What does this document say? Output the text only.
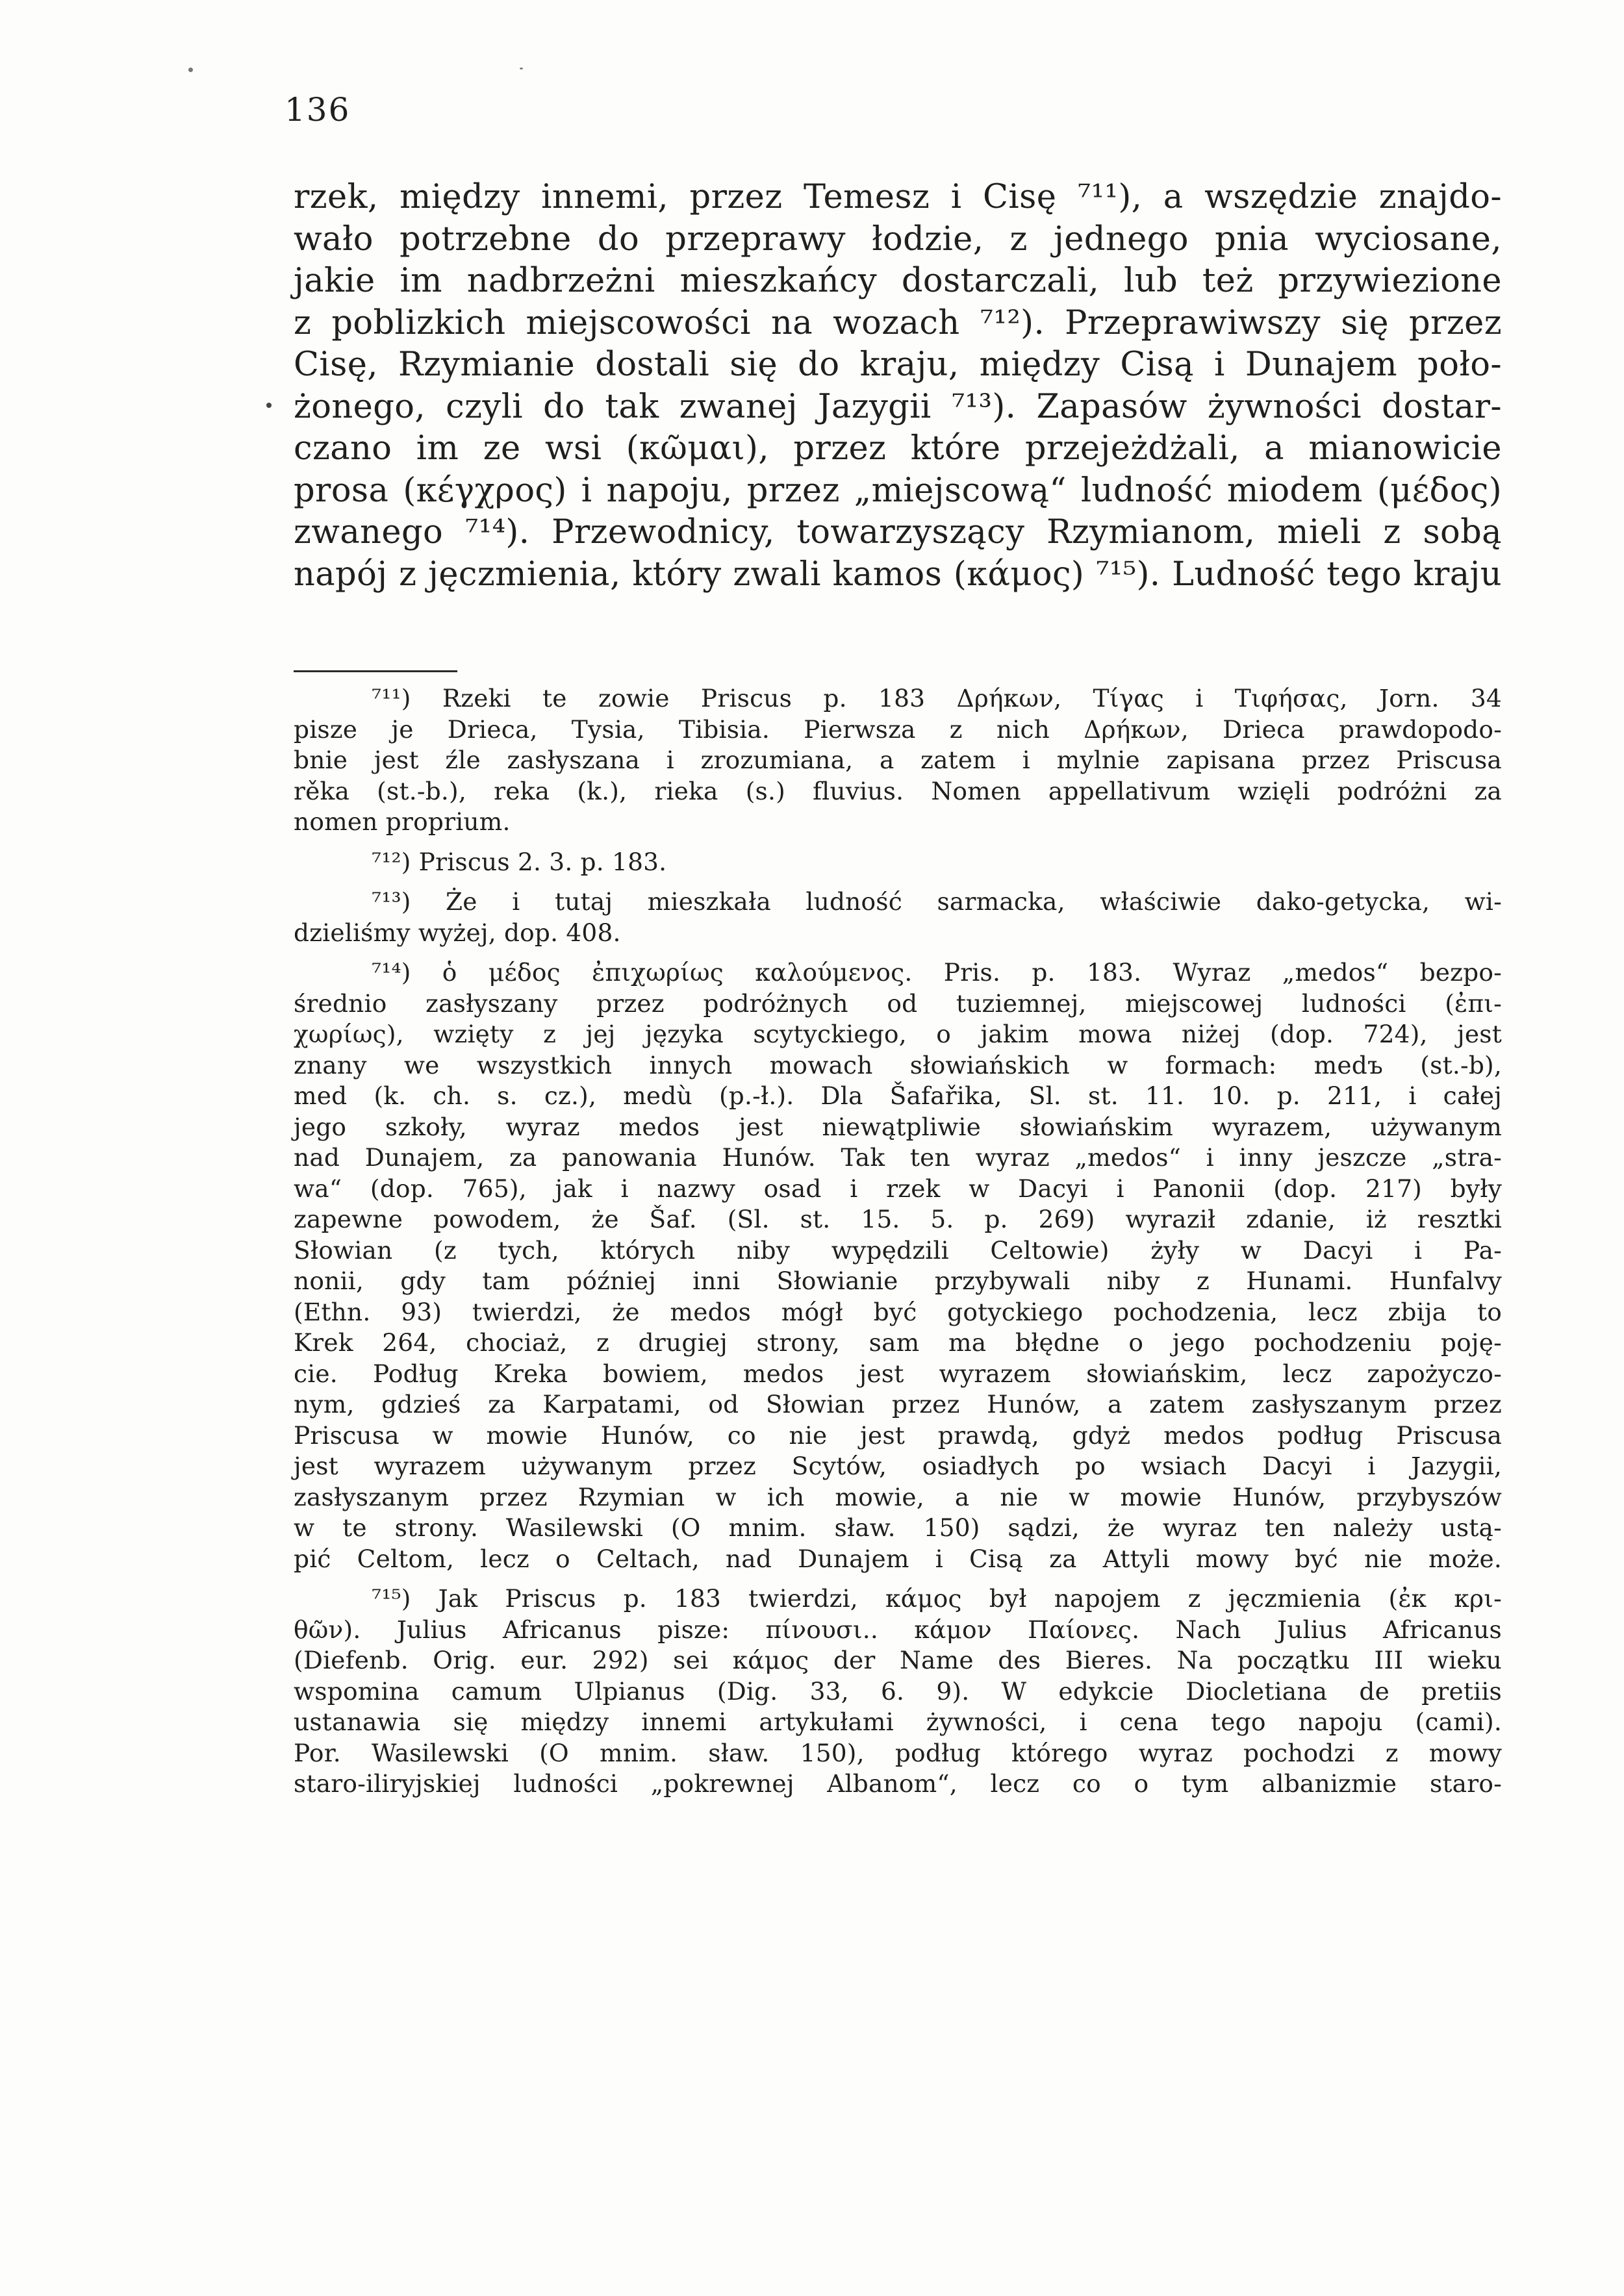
136
rzek, między innemi, przez Temesz i Cisę ⁷¹¹), a wszędzie znajdo-
wało potrzebne do przeprawy łodzie, z jednego pnia wyciosane,
jakie im nadbrzeżni mieszkańcy dostarczali, lub też przywiezione
z poblizkich miejscowości na wozach ⁷¹²). Przeprawiwszy się przez
Cisę, Rzymianie dostali się do kraju, między Cisą i Dunajem poło-
żonego, czyli do tak zwanej Jazygii ⁷¹³). Zapasów żywności dostar-
czano im ze wsi (κῶμαι), przez które przejeżdżali, a mianowicie
prosa (κέγχρος) i napoju, przez „miejscową“ ludność miodem (μέδος)
zwanego ⁷¹⁴). Przewodnicy, towarzyszący Rzymianom, mieli z sobą
napój z jęczmienia, który zwali kamos (κάμος) ⁷¹⁵). Ludność tego kraju
⁷¹¹) Rzeki te zowie Priscus p. 183 Δρήκων, Τίγας i Τιφήσας, Jorn. 34
pisze je Drieca, Tysia, Tibisia. Pierwsza z nich Δρήκων, Drieca prawdopodo-
bnie jest źle zasłyszana i zrozumiana, a zatem i mylnie zapisana przez Priscusa
rěka (st.-b.), reka (k.), rieka (s.) fluvius. Nomen appellativum wzięli podróżni za
nomen proprium.
⁷¹²) Priscus 2. 3. p. 183.
⁷¹³) Że i tutaj mieszkała ludność sarmacka, właściwie dako-getycka, wi-
dzieliśmy wyżej, dop. 408.
⁷¹⁴) ὁ μέδος ἐπιχωρίως καλούμενος. Pris. p. 183. Wyraz „medos“ bezpo-
średnio zasłyszany przez podróżnych od tuziemnej, miejscowej ludności (ἐπι-
χωρίως), wzięty z jej języka scytyckiego, o jakim mowa niżej (dop. 724), jest
znany we wszystkich innych mowach słowiańskich w formach: medъ (st.-b),
med (k. ch. s. cz.), medù (p.-ł.). Dla Šafařika, Sl. st. 11. 10. p. 211, i całej
jego szkoły, wyraz medos jest niewątpliwie słowiańskim wyrazem, używanym
nad Dunajem, za panowania Hunów. Tak ten wyraz „medos“ i inny jeszcze „stra-
wa“ (dop. 765), jak i nazwy osad i rzek w Dacyi i Panonii (dop. 217) były
zapewne powodem, że Šaf. (Sl. st. 15. 5. p. 269) wyraził zdanie, iż resztki
Słowian (z tych, których niby wypędzili Celtowie) żyły w Dacyi i Pa-
nonii, gdy tam później inni Słowianie przybywali niby z Hunami. Hunfalvy
(Ethn. 93) twierdzi, że medos mógł być gotyckiego pochodzenia, lecz zbija to
Krek 264, chociaż, z drugiej strony, sam ma błędne o jego pochodzeniu poję-
cie. Podług Kreka bowiem, medos jest wyrazem słowiańskim, lecz zapożyczo-
nym, gdzieś za Karpatami, od Słowian przez Hunów, a zatem zasłyszanym przez
Priscusa w mowie Hunów, co nie jest prawdą, gdyż medos podług Priscusa
jest wyrazem używanym przez Scytów, osiadłych po wsiach Dacyi i Jazygii,
zasłyszanym przez Rzymian w ich mowie, a nie w mowie Hunów, przybyszów
w te strony. Wasilewski (O mnim. sław. 150) sądzi, że wyraz ten należy ustą-
pić Celtom, lecz o Celtach, nad Dunajem i Cisą za Attyli mowy być nie może.
⁷¹⁵) Jak Priscus p. 183 twierdzi, κάμος był napojem z jęczmienia (ἐκ κρι-
θῶν). Julius Africanus pisze: πίνουσι.. κάμον Παίονες. Nach Julius Africanus
(Diefenb. Orig. eur. 292) sei κάμος der Name des Bieres. Na początku III wieku
wspomina camum Ulpianus (Dig. 33, 6. 9). W edykcie Diocletiana de pretiis
ustanawia się między innemi artykułami żywności, i cena tego napoju (cami).
Por. Wasilewski (O mnim. sław. 150), podług którego wyraz pochodzi z mowy
staro-iliryjskiej ludności „pokrewnej Albanom“, lecz co o tym albanizmie staro-
